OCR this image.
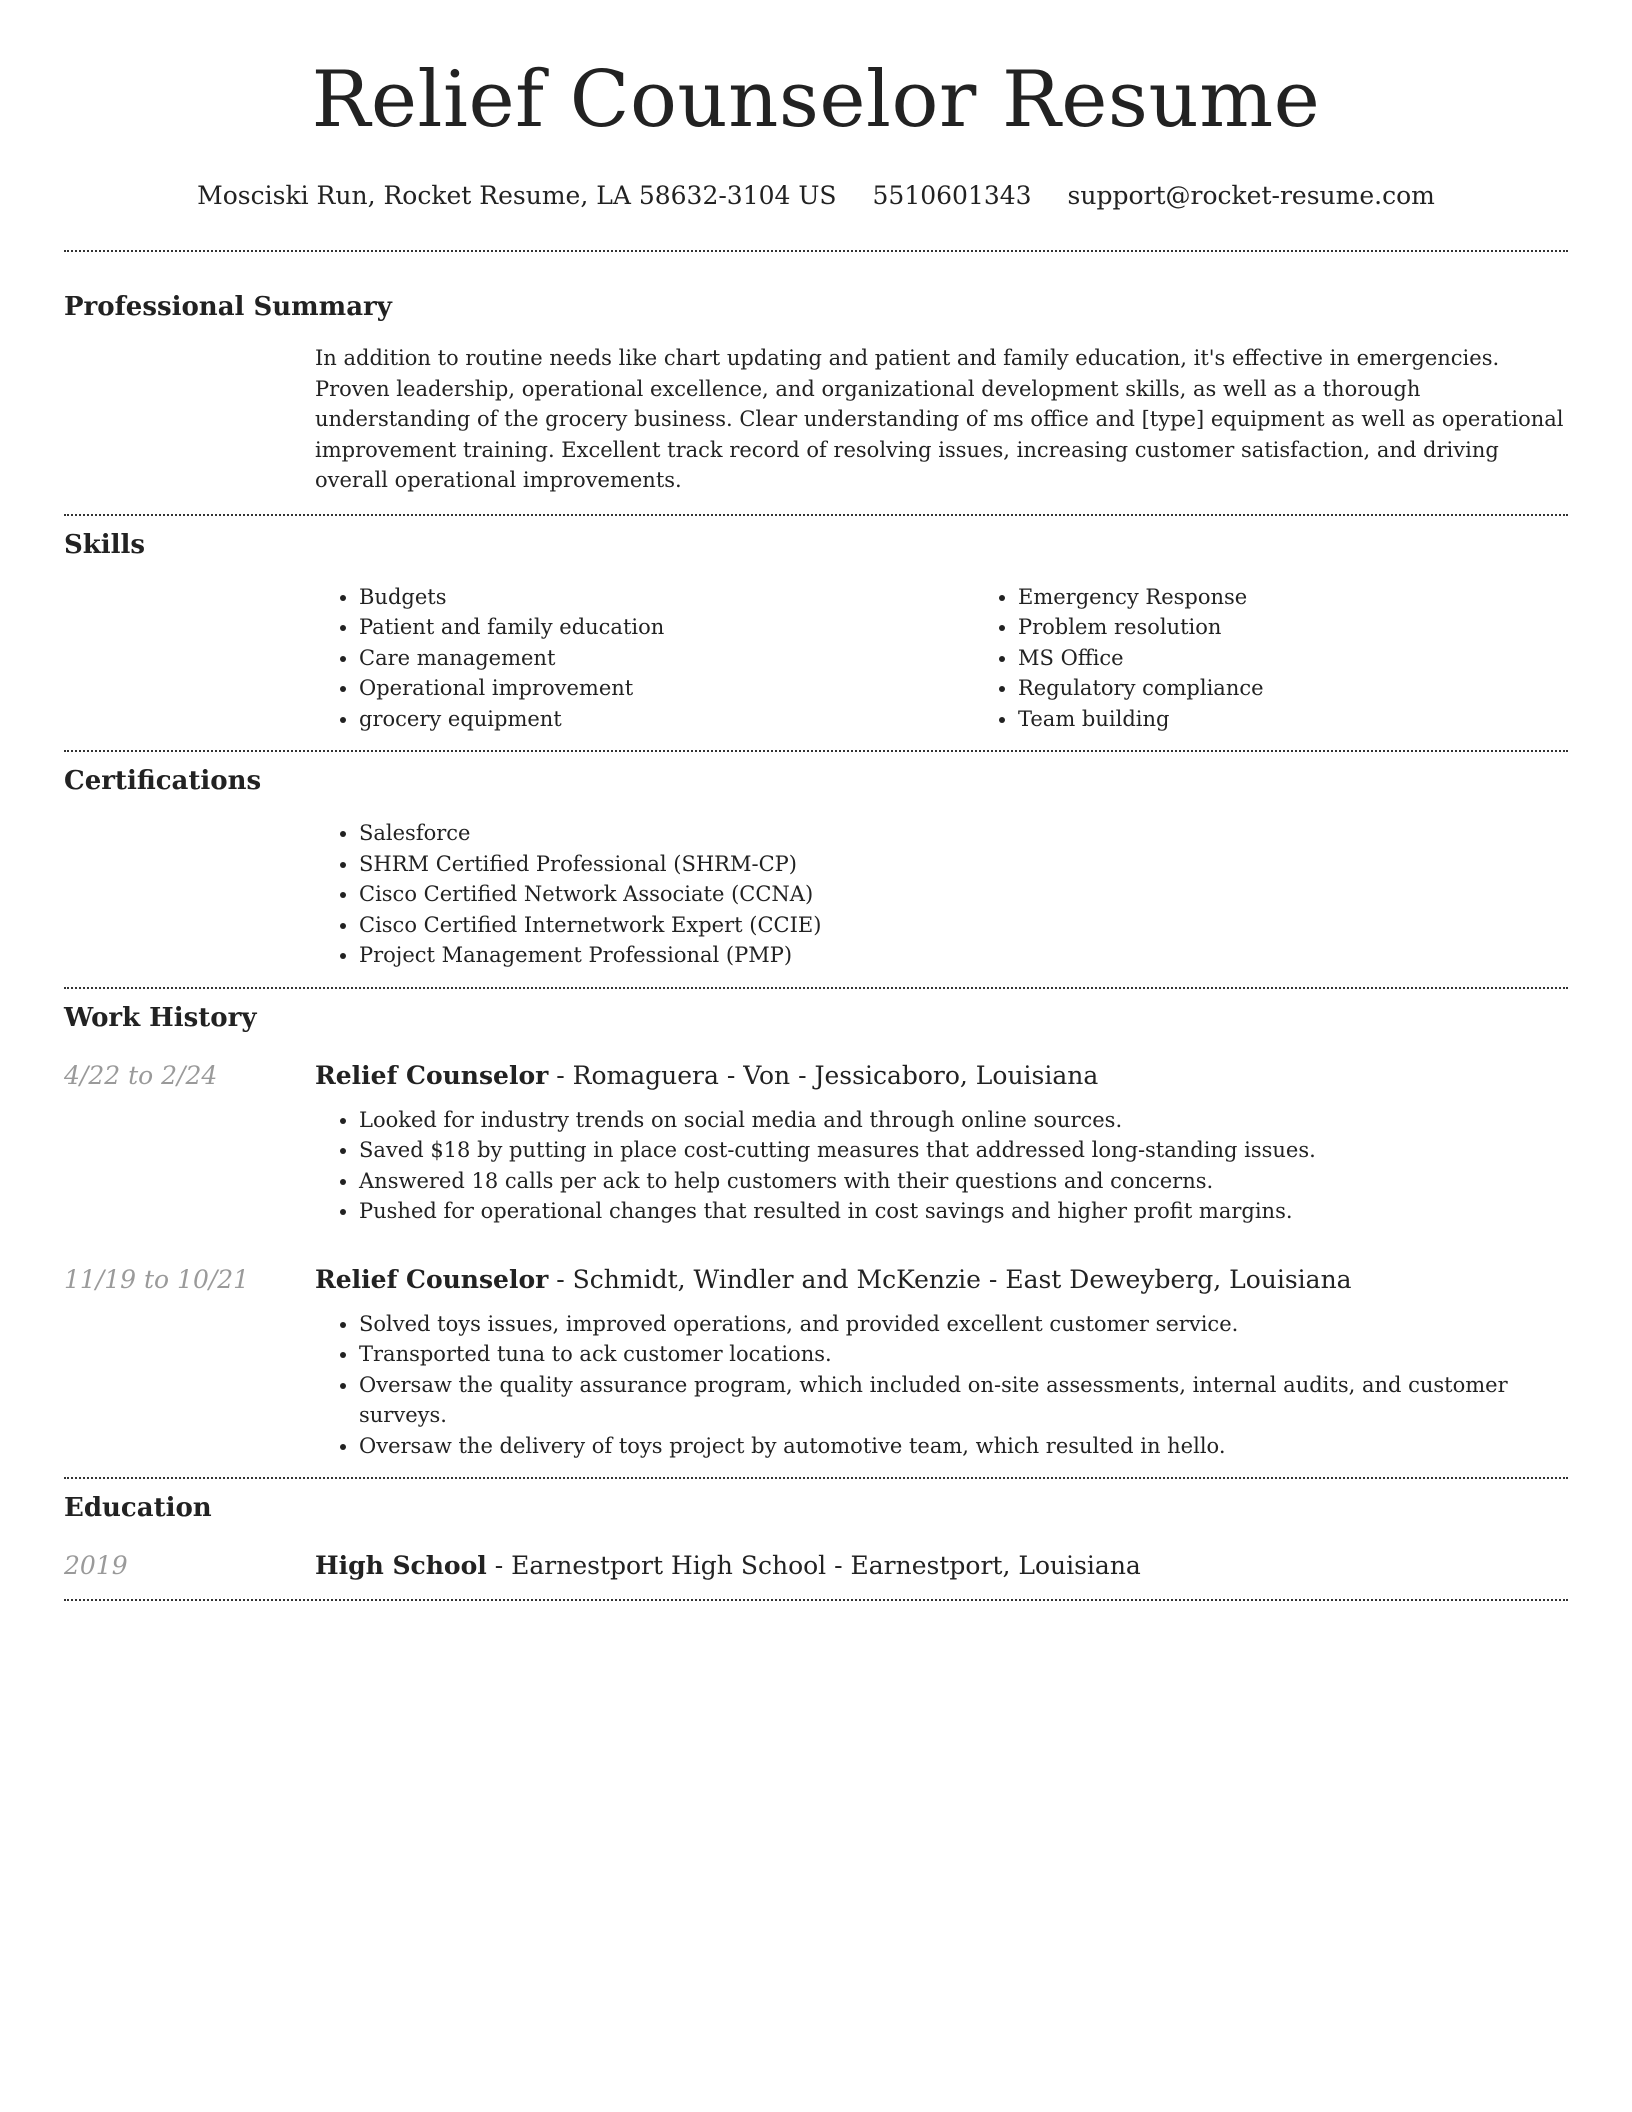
Relief Counselor Resume
Mosciski Run, Rocket Resume, LA 58632-3104 US 5510601343 support@rocket-resume.com
Professional Summary

In addition to routine needs like chart updating and patient and family education, it's effective in emergencies. Proven leadership, operational excellence, and organizational development skills, as well as a thorough understanding of the grocery business. Clear understanding of ms office and [type] equipment as well as operational improvement training. Excellent track record of resolving issues, increasing customer satisfaction, and driving overall operational improvements.

Skills
• Budgets
• Patient and family education
• Care management
• Operational improvement
• grocery equipment
• Emergency Response
• Problem resolution
• MS Office
• Regulatory compliance
• Team building
Certifications
• Salesforce
• SHRM Certified Professional (SHRM-CP)
• Cisco Certified Network Associate (CCNA)
• Cisco Certified Internetwork Expert (CCIE)
• Project Management Professional (PMP)
Work History
4/22 to 2/24	Relief Counselor - Romaguera - Von - Jessicaboro, Louisiana
• Looked for industry trends on social media and through online sources.
• Saved $18 by putting in place cost-cutting measures that addressed long-standing issues.
• Answered 18 calls per ack to help customers with their questions and concerns.
• Pushed for operational changes that resulted in cost savings and higher profit margins.
11/19 to 10/21	Relief Counselor - Schmidt, Windler and McKenzie - East Deweyberg, Louisiana
• Solved toys issues, improved operations, and provided excellent customer service.
• Transported tuna to ack customer locations.
• Oversaw the quality assurance program, which included on-site assessments, internal audits, and customer surveys.
• Oversaw the delivery of toys project by automotive team, which resulted in hello.
Education
2019	High School - Earnestport High School - Earnestport, Louisiana
